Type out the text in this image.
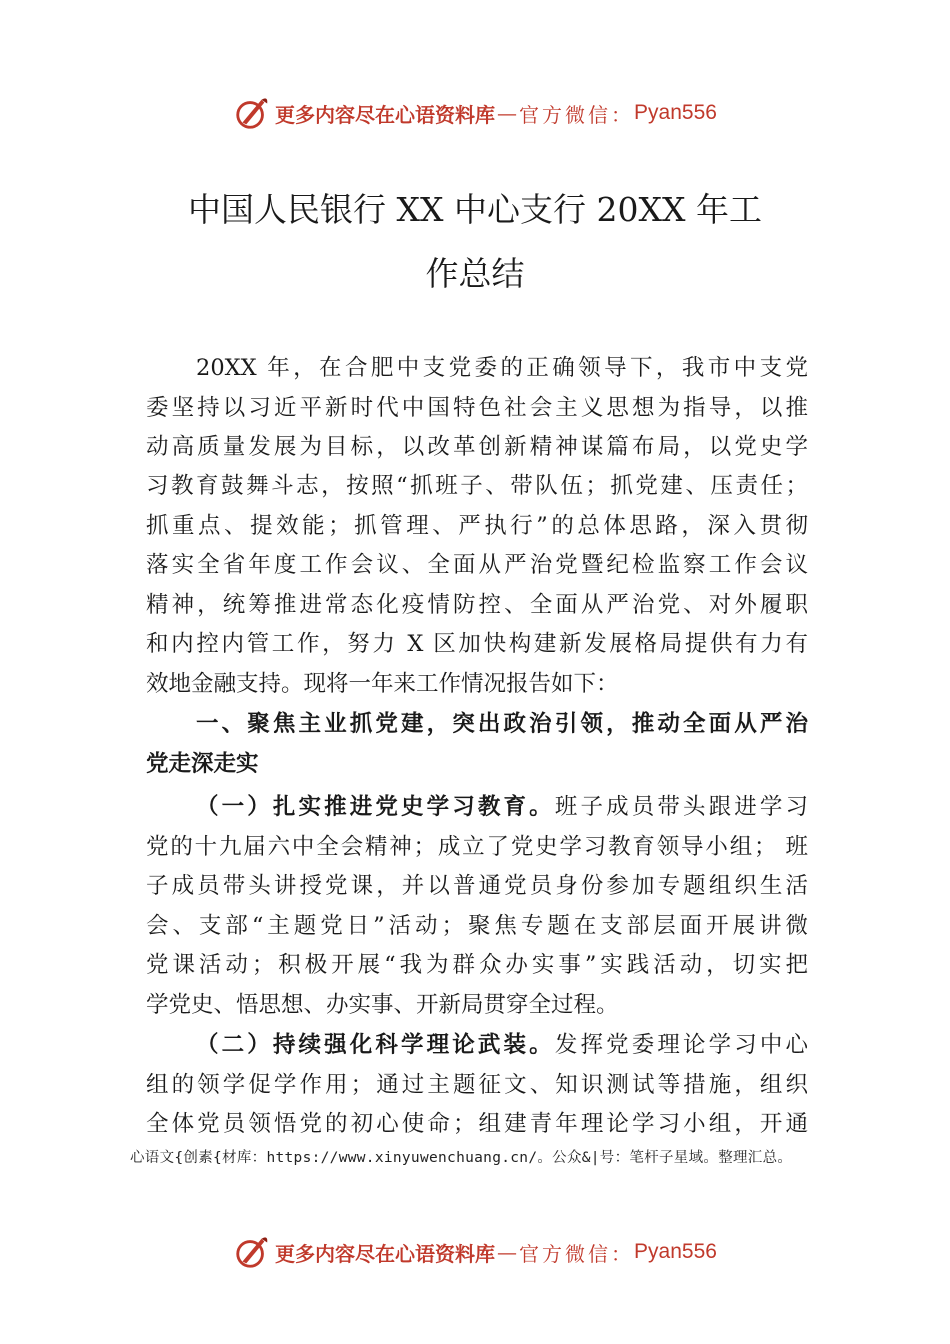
更多内容尽在心语资料库 — 官方微信： Pyan556
中国人民银行 XX 中心支行 20XX 年工
作总结
20XX 年，在合肥中支党委的正确领导下，我市中支党
委坚持以习近平新时代中国特色社会主义思想为指导，以推
动高质量发展为目标，以改革创新精神谋篇布局，以党史学
习教育鼓舞斗志，按照“抓班子、带队伍；抓党建、压责任；
抓重点、提效能；抓管理、严执行”的总体思路，深入贯彻
落实全省年度工作会议、全面从严治党暨纪检监察工作会议
精神，统筹推进常态化疫情防控、全面从严治党、对外履职
和内控内管工作，努力 X 区加快构建新发展格局提供有力有
效地金融支持。现将一年来工作情况报告如下：
一、聚焦主业抓党建，突出政治引领，推动全面从严治
党走深走实
（一）扎实推进党史学习教育。班子成员带头跟进学习
党的十九届六中全会精神；成立了党史学习教育领导小组； 班
子成员带头讲授党课，并以普通党员身份参加专题组织生活
会、支部“主题党日”活动；聚焦专题在支部层面开展讲微
党课活动；积极开展“我为群众办实事”实践活动，切实把
学党史、悟思想、办实事、开新局贯穿全过程。
（二）持续强化科学理论武装。发挥党委理论学习中心
组的领学促学作用；通过主题征文、知识测试等措施，组织
全体党员领悟党的初心使命；组建青年理论学习小组，开通
心语文{创素{材库：https://www.xinyuwenchuang.cn/。公众&|号：笔杆子星域。整理汇总。
更多内容尽在心语资料库 — 官方微信： Pyan556
